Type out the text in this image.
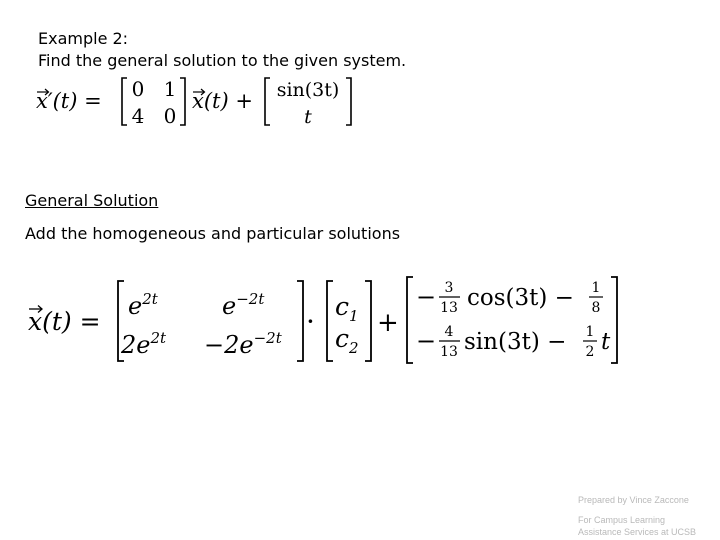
Example 2:
Find the general solution to the given system.
x′(t) = 0 1
4 0
x(t) + sin(3t)
t
General Solution
Add the homogeneous and particular solutions
x(t) =
$e^{2t}$	$e^{-2t}$
$2e^{2t} -2e^{-2t} \cdot c_1$
$c_2$
+
− 3
13 cos(3t) − 1
8
− 4
13 sin(3t) − 1
2 t
Prepared by Vince Zaccone
For Campus Learning
Assistance Services at UCSB
